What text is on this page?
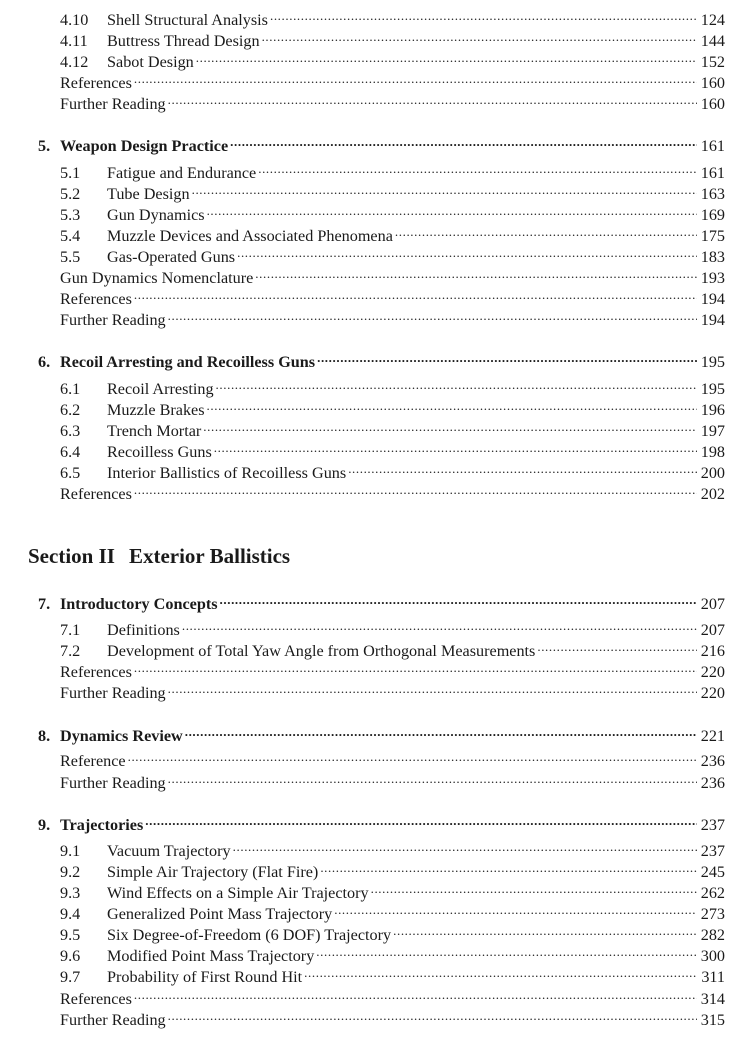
4.10	Shell Structural Analysis .....	124
4.11	Buttress Thread Design .....	144
4.12	Sabot Design .....	152
References .....	160
Further Reading .....	160
5. Weapon Design Practice .....	161
5.1	Fatigue and Endurance .....	161
5.2	Tube Design .....	163
5.3	Gun Dynamics .....	169
5.4	Muzzle Devices and Associated Phenomena .....	175
5.5	Gas-Operated Guns .....	183
Gun Dynamics Nomenclature .....	193
References .....	194
Further Reading .....	194
6. Recoil Arresting and Recoilless Guns .....	195
6.1	Recoil Arresting .....	195
6.2	Muzzle Brakes .....	196
6.3	Trench Mortar .....	197
6.4	Recoilless Guns .....	198
6.5	Interior Ballistics of Recoilless Guns .....	200
References .....	202
Section II Exterior Ballistics
7. Introductory Concepts .....	207
7.1	Definitions .....	207
7.2	Development of Total Yaw Angle from Orthogonal Measurements .....	216
References .....	220
Further Reading .....	220
8. Dynamics Review .....	221
Reference .....	236
Further Reading .....	236
9. Trajectories .....	237
9.1	Vacuum Trajectory .....	237
9.2	Simple Air Trajectory (Flat Fire) .....	245
9.3	Wind Effects on a Simple Air Trajectory .....	262
9.4	Generalized Point Mass Trajectory .....	273
9.5	Six Degree-of-Freedom (6 DOF) Trajectory .....	282
9.6	Modified Point Mass Trajectory .....	300
9.7	Probability of First Round Hit .....	311
References .....	314
Further Reading .....	315
